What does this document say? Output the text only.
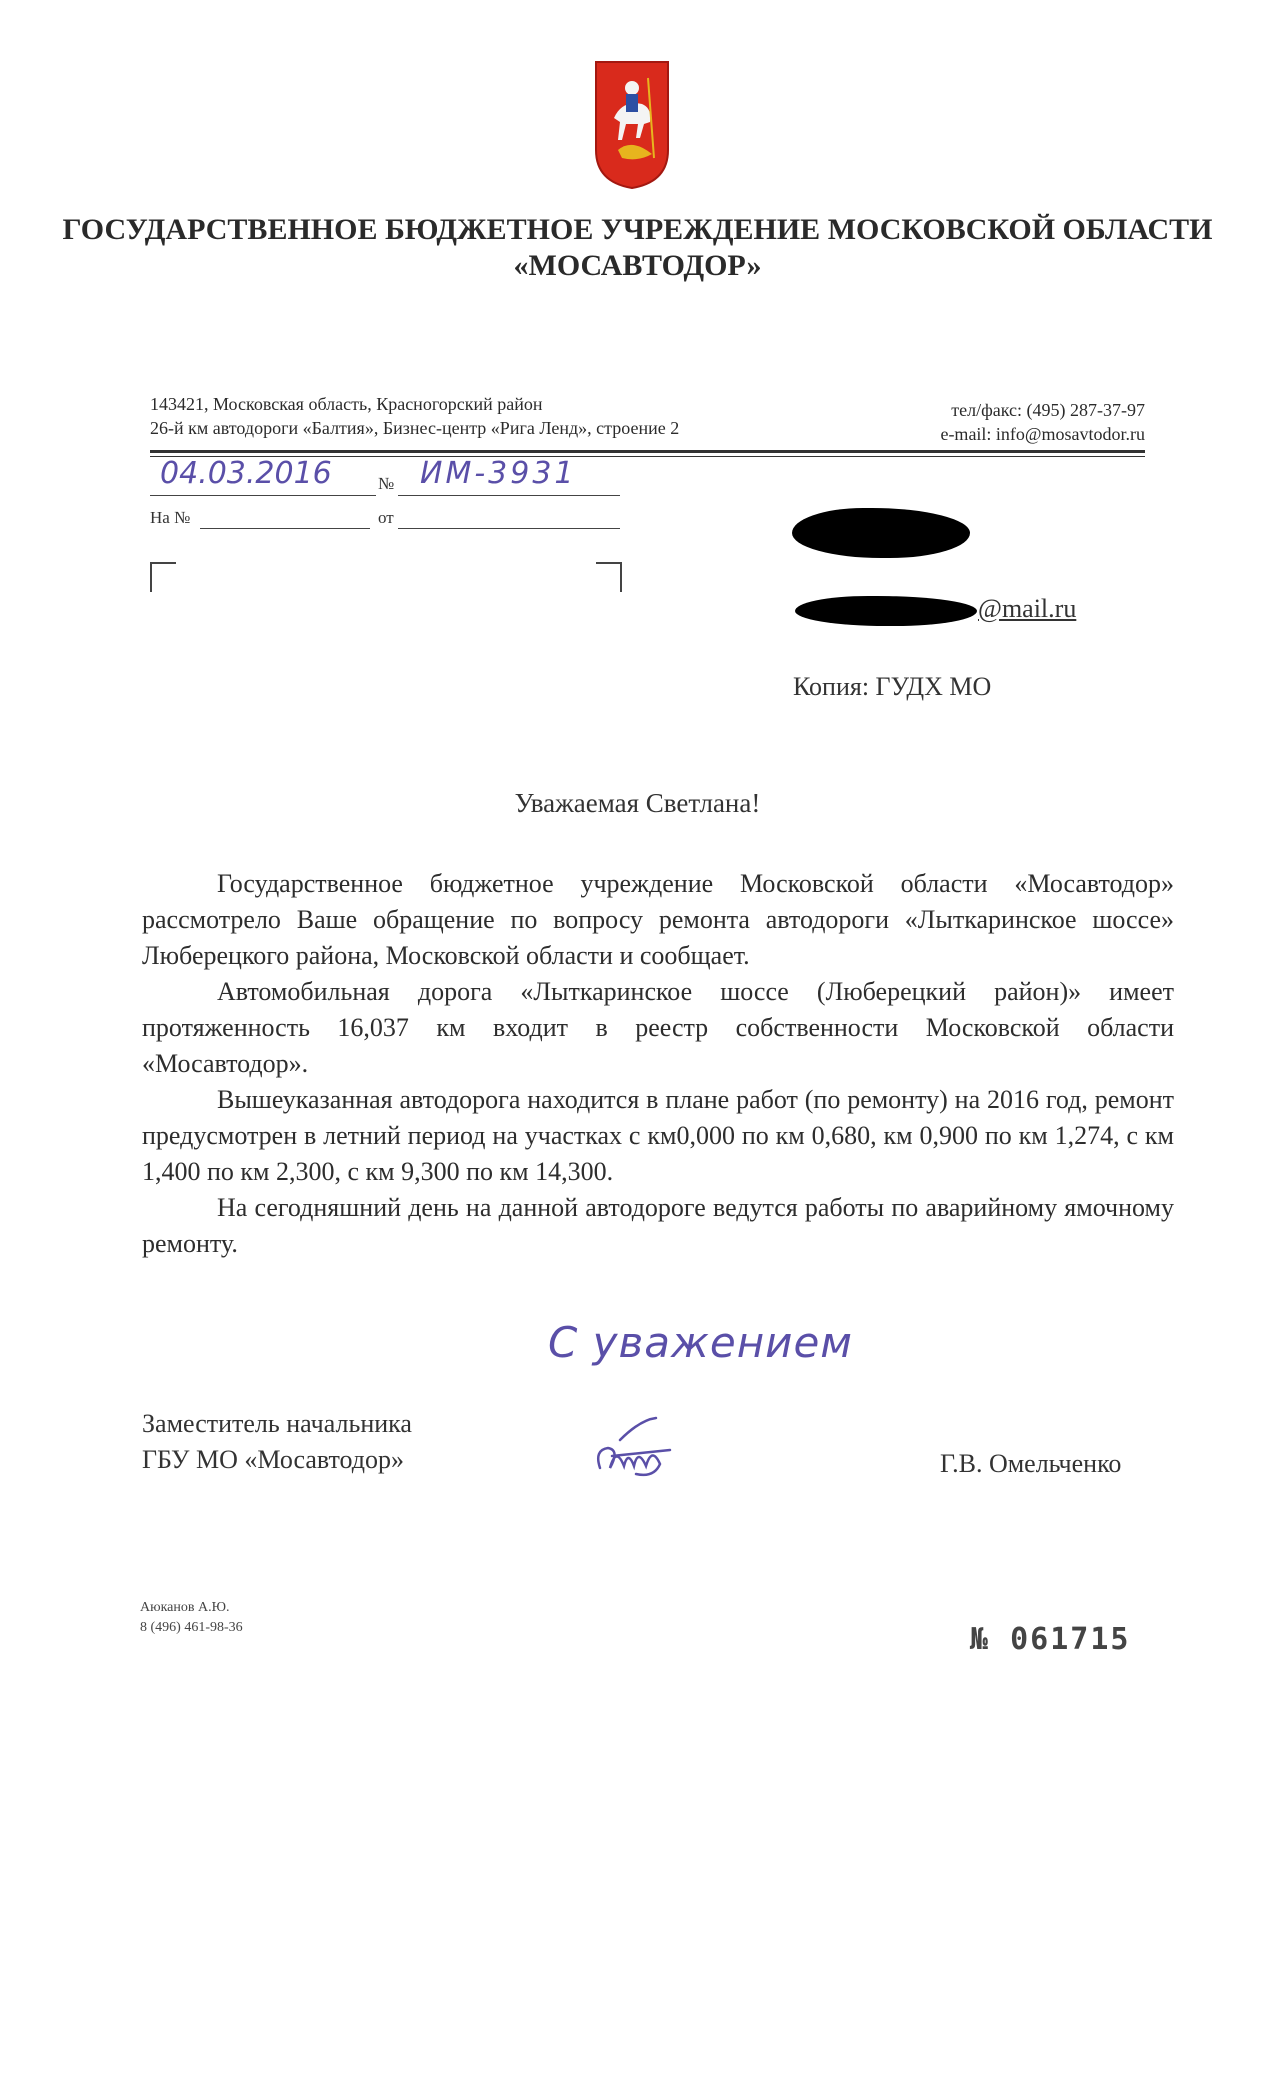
ГОСУДАРСТВЕННОЕ БЮДЖЕТНОЕ УЧРЕЖДЕНИЕ МОСКОВСКОЙ ОБЛАСТИ
«МОСАВТОДОР»
143421, Московская область, Красногорский район
26-й км автодороги «Балтия», Бизнес-центр «Рига Ленд», строение 2
тел/факс: (495) 287-37-97
e-mail: info@mosavtodor.ru
04.03.2016	№ ИМ-3931
На №	от
@mail.ru
Копия: ГУДХ МО
Уважаемая Светлана!

Государственное бюджетное учреждение Московской области «Мосавтодор» рассмотрело Ваше обращение по вопросу ремонта автодороги «Лыткаринское шоссе» Люберецкого района, Московской области и сообщает.

Автомобильная дорога «Лыткаринское шоссе (Люберецкий район)» имеет протяженность 16,037 км входит в реестр собственности Московской области «Мосавтодор».

Вышеуказанная автодорога находится в плане работ (по ремонту) на 2016 год, ремонт предусмотрен в летний период на участках с км0,000 по км 0,680, км 0,900 по км 1,274, с км 1,400 по км 2,300, с км 9,300 по км 14,300.

На сегодняшний день на данной автодороге ведутся работы по аварийному ямочному ремонту.

С уважением
Заместитель начальника
ГБУ МО «Мосавтодор»	Г.В. Омельченко
Аюканов А.Ю.
8 (496) 461-98-36	№ 061715
